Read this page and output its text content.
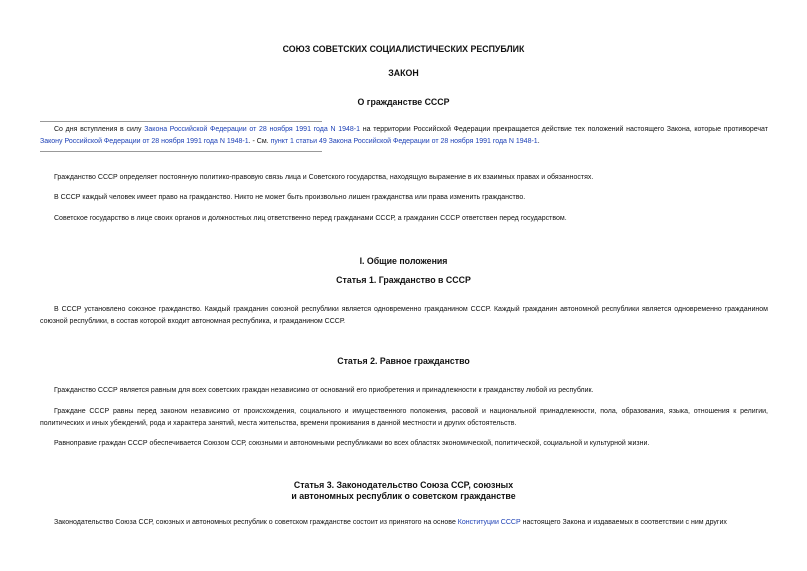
СОЮЗ СОВЕТСКИХ СОЦИАЛИСТИЧЕСКИХ РЕСПУБЛИК
ЗАКОН
О гражданстве СССР
Со дня вступления в силу Закона Российской Федерации от 28 ноября 1991 года N 1948-1 на территории Российской Федерации прекращается действие тех положений настоящего Закона, которые противоречат Закону Российской Федерации от 28 ноября 1991 года N 1948-1. - См. пункт 1 статьи 49 Закона Российской Федерации от 28 ноября 1991 года N 1948-1.
Гражданство СССР определяет постоянную политико-правовую связь лица и Советского государства, находящую выражение в их взаимных правах и обязанностях.
В СССР каждый человек имеет право на гражданство. Никто не может быть произвольно лишен гражданства или права изменить гражданство.
Советское государство в лице своих органов и должностных лиц ответственно перед гражданами СССР, а гражданин СССР ответствен перед государством.
I. Общие положения
Статья 1. Гражданство в СССР
В СССР установлено союзное гражданство. Каждый гражданин союзной республики является одновременно гражданином СССР. Каждый гражданин автономной республики является одновременно гражданином союзной республики, в состав которой входит автономная республика, и гражданином СССР.
Статья 2. Равное гражданство
Гражданство СССР является равным для всех советских граждан независимо от оснований его приобретения и принадлежности к гражданству любой из республик.
Граждане СССР равны перед законом независимо от происхождения, социального и имущественного положения, расовой и национальной принадлежности, пола, образования, языка, отношения к религии, политических и иных убеждений, рода и характера занятий, места жительства, времени проживания в данной местности и других обстоятельств.
Равноправие граждан СССР обеспечивается Союзом ССР, союзными и автономными республиками во всех областях экономической, политической, социальной и культурной жизни.
Статья 3. Законодательство Союза ССР, союзных
и автономных республик о советском гражданстве
Законодательство Союза ССР, союзных и автономных республик о советском гражданстве состоит из принятого на основе Конституции СССР настоящего Закона и издаваемых в соответствии с ним других
